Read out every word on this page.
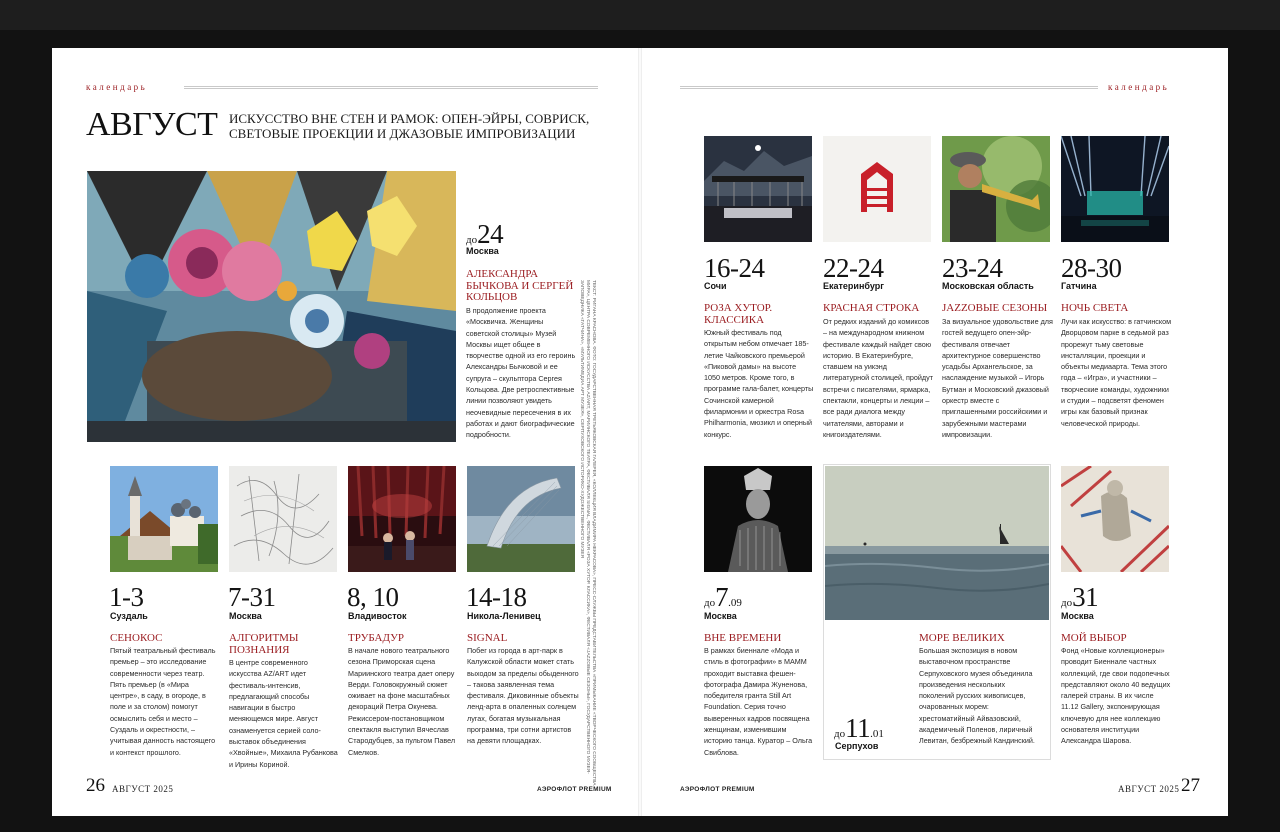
календарь
АВГУСТ ИСКУССТВО ВНЕ СТЕН И РАМОК: ОПЕН-ЭЙРЫ, СОВРИСК, СВЕТОВЫЕ ПРОЕКЦИИ И ДЖАЗОВЫЕ ИМПРОВИЗАЦИИ
до24
Москва
АЛЕКСАНДРА БЫЧКОВА И СЕРГЕЙ КОЛЬЦОВ
В продолжение проекта «Москвичка. Женщины советской столицы» Музей Москвы ищет общее в творчестве одной из его героинь Александры Бычковой и ее супруга – скульптора Сергея Кольцова. Две ретроспективные линии позволяют увидеть неочевидные пересечения в их работах и дают биографические подробности.	ТЕКСТ: РИГАНА КРАСНОВА. ФОТО: ГОСУДАРСТВЕННАЯ ТРЕТЬЯКОВСКАЯ ГАЛЕРЕЯ, «КОЛЛЕКЦИЯ ВЛАДИМИРА НЕКРАСОВА», ПРЕСС-СЛУЖБЫ ПРЕДСТАВИТЕЛЬСТВА «ПРИМЫКАНИЕ «ТВОРЧЕСКОГО СООБЩЕСТВА МИРА», ЦЕНТРА СОВРЕМЕННОГО ИСКУССТВА AZ/ART, МАРИИНСКОГО ТЕАТРА, ФЕСТИВАЛЯ SIGNAL, ФЕСТИВАЛЯ «РОЗА ХУТОР. КЛАССИКА», ФЕСТИВАЛЯ «JAZZОВЫЕ СЕЗОНЫ», ГОСУДАРСТВЕННОГО МУЗЕЯ-ЗАПОВЕДНИКА «ГАТЧИНА», «МУЛЬТИМЕДИА АРТ МУЗЕЯ», СЕРПУХОВСКОГО ИСТОРИКО-ХУДОЖЕСТВЕННОГО МУЗЕЯ
1-3
Суздаль
СЕНОКОС
Пятый театральный фестиваль премьер – это исследование современности через театр. Пять премьер (в «Мира центре», в саду, в огороде, в поле и за столом) помогут осмыслить себя и место – Суздаль и окрестности, – учитывая данность настоящего и контекст прошлого.
7-31
Москва
АЛГОРИТМЫ ПОЗНАНИЯ
В центре современного искусства AZ/ART идет фестиваль-интенсив, предлагающий способы навигации в быстро меняющемся мире. Август ознаменуется серией соло-выставок объединения «Хвойные», Михаила Рубанкова и Ирины Кориной.
8, 10
Владивосток
ТРУБАДУР
В начале нового театрального сезона Приморская сцена Мариинского театра дает оперу Верди. Головокружный сюжет оживает на фоне масштабных декораций Петра Окунева. Режиссером-постановщиком спектакля выступил Вячеслав Стародубцев, за пультом Павел Смелков.
14-18
Никола-Ленивец
SIGNAL
Побег из города в арт-парк в Калужской области может стать выходом за пределы обыденного – такова заявленная тема фестиваля. Диковинные объекты ленд-арта в опаленных солнцем лугах, богатая музыкальная программа, три сотни артистов на девяти площадках.
26 АВГУСТ 2025	АЭРОФЛОТ PREMIUM
календарь
16-24
Сочи
РОЗА ХУТОР. КЛАССИКА
Южный фестиваль под открытым небом отмечает 185-летие Чайковского премьерой «Пиковой дамы» на высоте 1050 метров. Кроме того, в программе гала-балет, концерты Сочинской камерной филармонии и оркестра Rosa Philharmonia, мюзикл и оперный конкурс.
22-24
Екатеринбург
КРАСНАЯ СТРОКА
От редких изданий до комиксов – на международном книжном фестивале каждый найдет свою историю. В Екатеринбурге, ставшем на уикэнд литературной столицей, пройдут встречи с писателями, ярмарка, спектакли, концерты и лекции – все ради диалога между читателями, авторами и книгоиздателями.
23-24
Московская область
JAZZОВЫЕ СЕЗОНЫ
За визуальное удовольствие для гостей ведущего опен-эйр-фестиваля отвечает архитектурное совершенство усадьбы Архангельское, за наслаждение музыкой – Игорь Бутман и Московский джазовый оркестр вместе с приглашенными российскими и зарубежными мастерами импровизации.
28-30
Гатчина
НОЧЬ СВЕТА
Лучи как искусство: в гатчинском Дворцовом парке в седьмой раз прорежут тьму световые инсталляции, проекции и объекты медиаарта. Тема этого года – «Игра», и участники – творческие команды, художники и студии – подсветят феномен игры как базовый признак человеческой природы.
до7.09
Москва
ВНЕ ВРЕМЕНИ
В рамках биеннале «Мода и стиль в фотографии» в МАММ проходит выставка фешен-фотографа Дамира Жуненова, победителя гранта Still Art Foundation. Серия точно выверенных кадров посвящена женщинам, изменившим историю танца. Куратор – Ольга Свиблова.
до11.01
Серпухов
МОРЕ ВЕЛИКИХ
Большая экспозиция в новом выставочном пространстве Серпуховского музея объединила произведения нескольких поколений русских живописцев, очарованных морем: хрестоматийный Айвазовский, академичный Поленов, лиричный Левитан, безбрежный Кандинский.
до31
Москва
МОЙ ВЫБОР
Фонд «Новые коллекционеры» проводит Биеннале частных коллекций, где свои подопечных представляют около 40 ведущих галерей страны. В их числе 11.12 Gallery, экспонирующая ключевую для нее коллекцию основателя институции Александра Шарова.
АЭРОФЛОТ PREMIUM	АВГУСТ 2025 27
